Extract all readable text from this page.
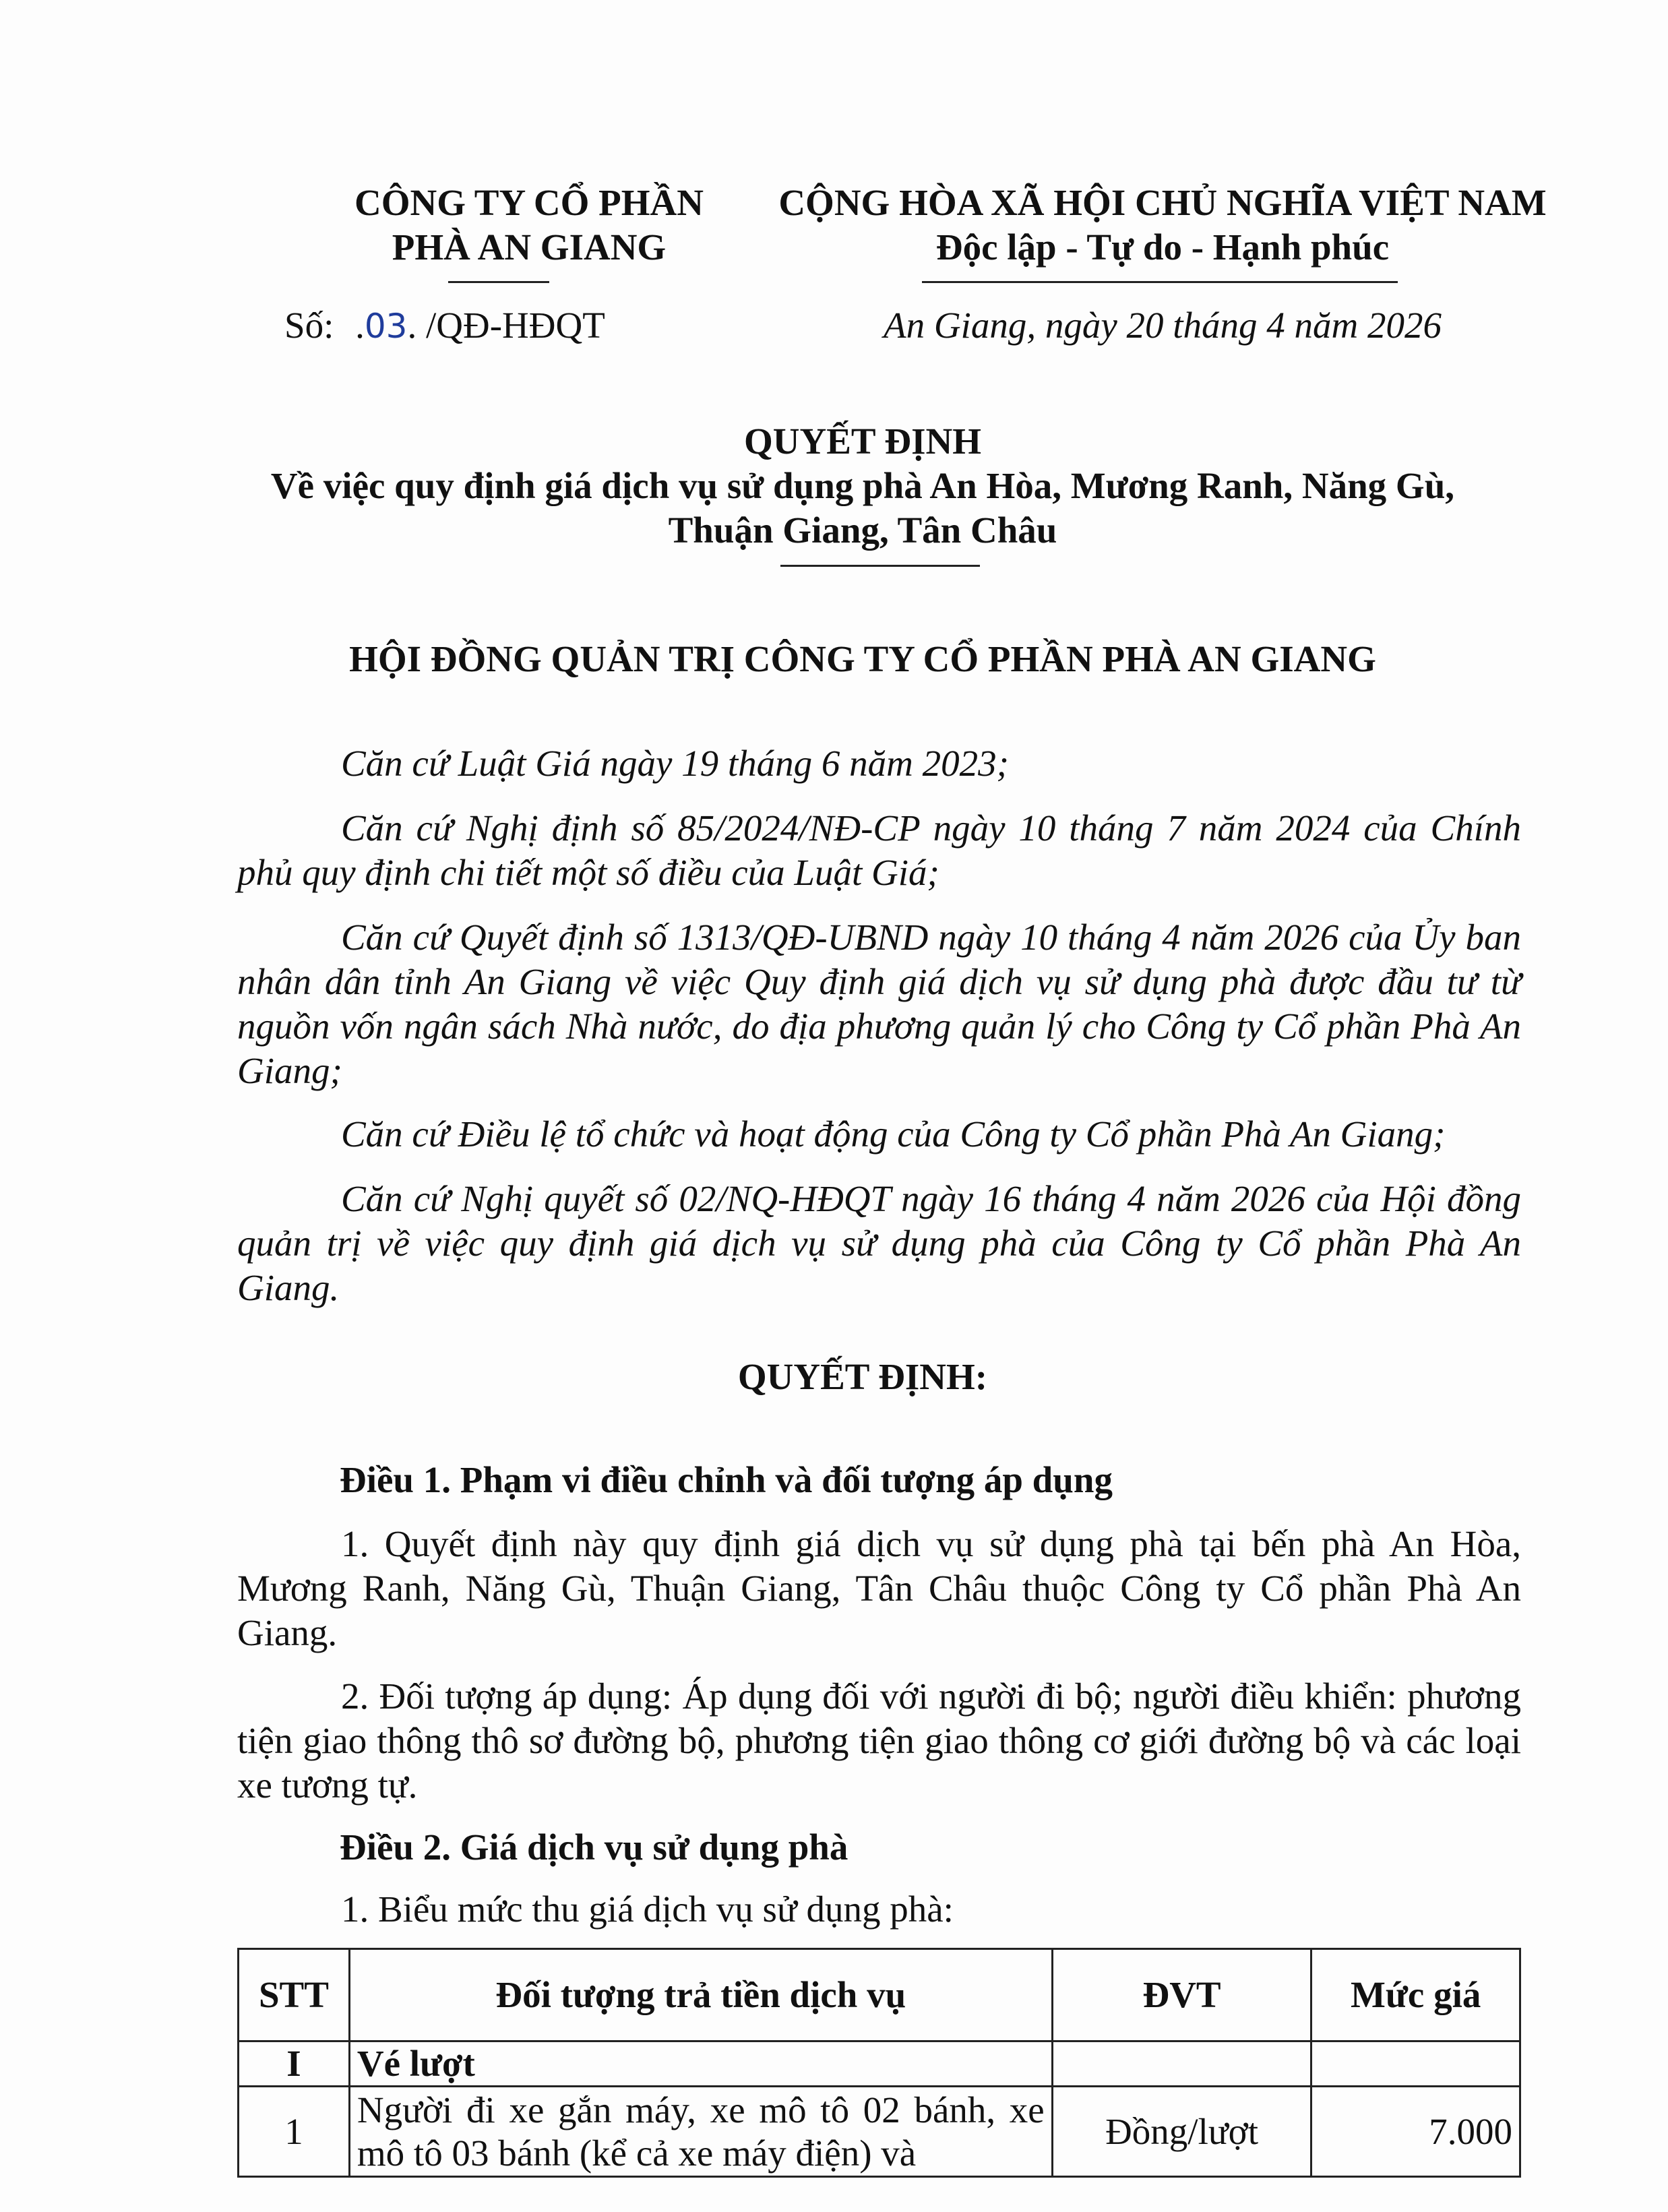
CÔNG TY CỔ PHẦN
PHÀ AN GIANG
Số: .03. /QĐ-HĐQT
CỘNG HÒA XÃ HỘI CHỦ NGHĨA VIỆT NAM
Độc lập - Tự do - Hạnh phúc
An Giang, ngày 20 tháng 4 năm 2026
QUYẾT ĐỊNH
Về việc quy định giá dịch vụ sử dụng phà An Hòa, Mương Ranh, Năng Gù,
Thuận Giang, Tân Châu
HỘI ĐỒNG QUẢN TRỊ CÔNG TY CỔ PHẦN PHÀ AN GIANG
Căn cứ Luật Giá ngày 19 tháng 6 năm 2023;
Căn cứ Nghị định số 85/2024/NĐ-CP ngày 10 tháng 7 năm 2024 của Chính phủ quy định chi tiết một số điều của Luật Giá;
Căn cứ Quyết định số 1313/QĐ-UBND ngày 10 tháng 4 năm 2026 của Ủy ban nhân dân tỉnh An Giang về việc Quy định giá dịch vụ sử dụng phà được đầu tư từ nguồn vốn ngân sách Nhà nước, do địa phương quản lý cho Công ty Cổ phần Phà An Giang;
Căn cứ Điều lệ tổ chức và hoạt động của Công ty Cổ phần Phà An Giang;
Căn cứ Nghị quyết số 02/NQ-HĐQT ngày 16 tháng 4 năm 2026 của Hội đồng quản trị về việc quy định giá dịch vụ sử dụng phà của Công ty Cổ phần Phà An Giang.
QUYẾT ĐỊNH:
Điều 1. Phạm vi điều chỉnh và đối tượng áp dụng
1. Quyết định này quy định giá dịch vụ sử dụng phà tại bến phà An Hòa, Mương Ranh, Năng Gù, Thuận Giang, Tân Châu thuộc Công ty Cổ phần Phà An Giang.
2. Đối tượng áp dụng: Áp dụng đối với người đi bộ; người điều khiển: phương tiện giao thông thô sơ đường bộ, phương tiện giao thông cơ giới đường bộ và các loại xe tương tự.
Điều 2. Giá dịch vụ sử dụng phà
1. Biểu mức thu giá dịch vụ sử dụng phà:
STT	Đối tượng trả tiền dịch vụ	ĐVT	Mức giá
I	Vé lượt		
1	Người đi xe gắn máy, xe mô tô 02 bánh, xe mô tô 03 bánh (kể cả xe máy điện) và	Đồng/lượt	7.000
